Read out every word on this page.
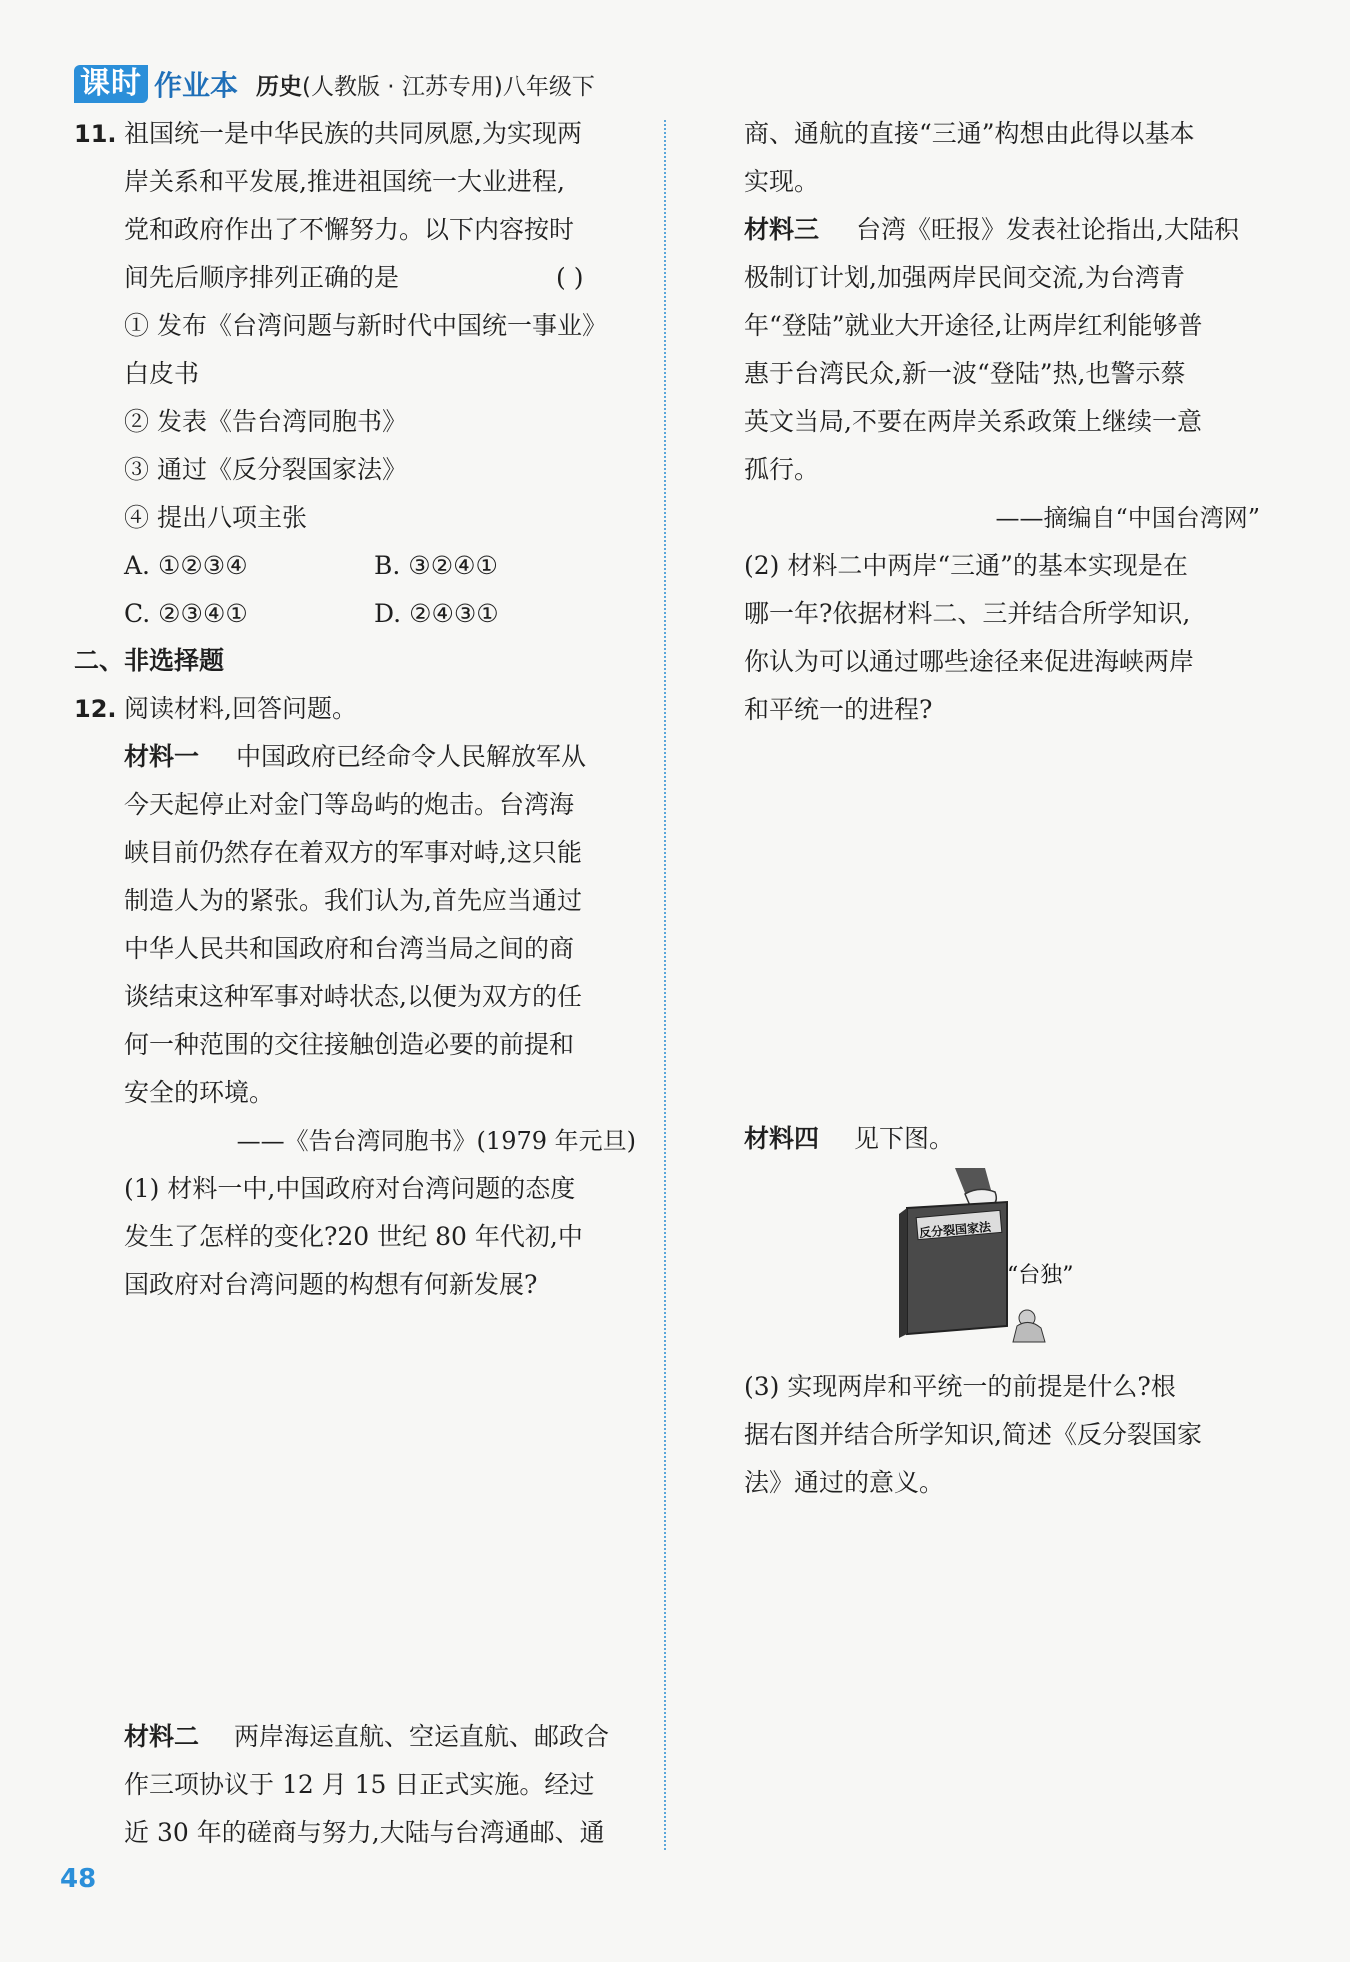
课时 作业本 历史(人教版 · 江苏专用)八年级下
11. 祖国统一是中华民族的共同夙愿,为实现两
岸关系和平发展,推进祖国统一大业进程,
党和政府作出了不懈努力。以下内容按时
间先后顺序排列正确的是	( )
① 发布《台湾问题与新时代中国统一事业》
白皮书
② 发表《告台湾同胞书》
③ 通过《反分裂国家法》
④ 提出八项主张
A. ①②③④	B. ③②④①
C. ②③④①	D. ②④③①
二、非选择题
12. 阅读材料,回答问题。
材料一 中国政府已经命令人民解放军从
今天起停止对金门等岛屿的炮击。台湾海
峡目前仍然存在着双方的军事对峙,这只能
制造人为的紧张。我们认为,首先应当通过
中华人民共和国政府和台湾当局之间的商
谈结束这种军事对峙状态,以便为双方的任
何一种范围的交往接触创造必要的前提和
安全的环境。
——《告台湾同胞书》(1979 年元旦)
(1) 材料一中,中国政府对台湾问题的态度
发生了怎样的变化?20 世纪 80 年代初,中
国政府对台湾问题的构想有何新发展?
材料二 两岸海运直航、空运直航、邮政合
作三项协议于 12 月 15 日正式实施。经过
近 30 年的磋商与努力,大陆与台湾通邮、通
商、通航的直接“三通”构想由此得以基本
实现。
材料三 台湾《旺报》发表社论指出,大陆积
极制订计划,加强两岸民间交流,为台湾青
年“登陆”就业大开途径,让两岸红利能够普
惠于台湾民众,新一波“登陆”热,也警示蔡
英文当局,不要在两岸关系政策上继续一意
孤行。
——摘编自“中国台湾网”
(2) 材料二中两岸“三通”的基本实现是在
哪一年?依据材料二、三并结合所学知识,
你认为可以通过哪些途径来促进海峡两岸
和平统一的进程?
材料四 见下图。
反分裂国家法
“台独”
(3) 实现两岸和平统一的前提是什么?根
据右图并结合所学知识,简述《反分裂国家
法》通过的意义。
48
